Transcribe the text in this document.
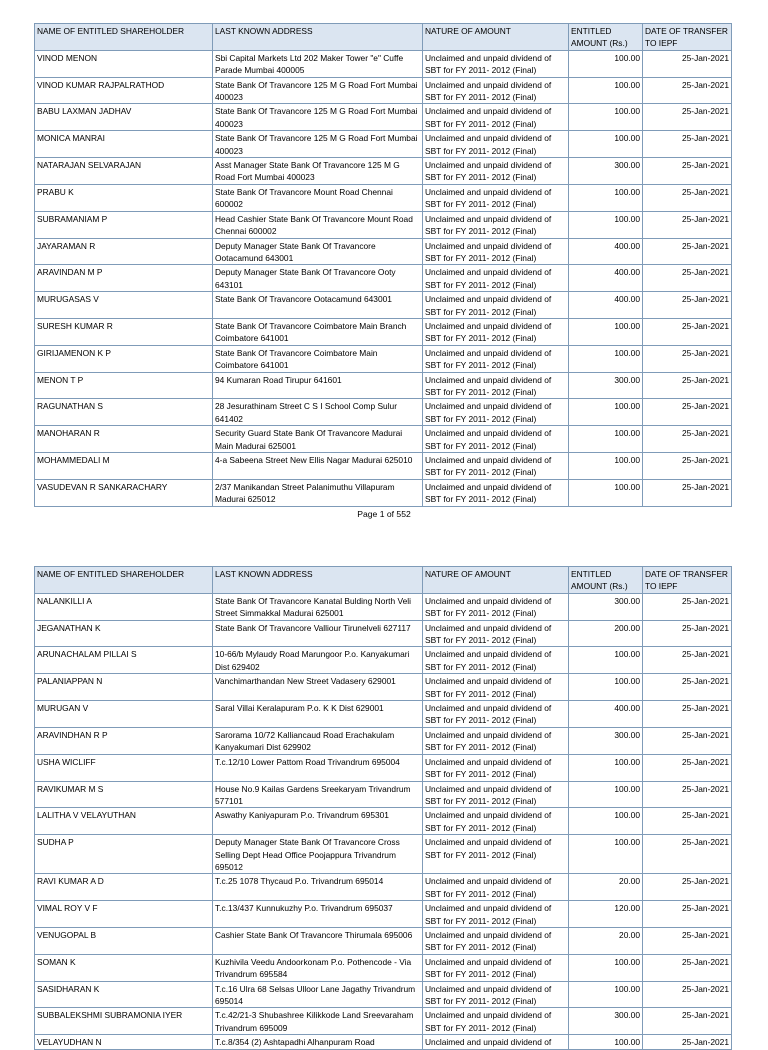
NAME OF ENTITLED SHAREHOLDER	LAST KNOWN ADDRESS	NATURE OF AMOUNT	ENTITLED AMOUNT (Rs.)	DATE OF TRANSFER TO IEPF
VINOD MENON	Sbi Capital Markets Ltd 202 Maker Tower "e" Cuffe Parade Mumbai 400005	Unclaimed and unpaid dividend of SBT for FY 2011- 2012 (Final)	100.00	25-Jan-2021
VINOD KUMAR RAJPALRATHOD	State Bank Of Travancore 125 M G Road Fort Mumbai 400023	Unclaimed and unpaid dividend of SBT for FY 2011- 2012 (Final)	100.00	25-Jan-2021
BABU LAXMAN JADHAV	State Bank Of Travancore 125 M G Road Fort Mumbai 400023	Unclaimed and unpaid dividend of SBT for FY 2011- 2012 (Final)	100.00	25-Jan-2021
MONICA MANRAI	State Bank Of Travancore 125 M G Road Fort Mumbai 400023	Unclaimed and unpaid dividend of SBT for FY 2011- 2012 (Final)	100.00	25-Jan-2021
NATARAJAN SELVARAJAN	Asst Manager State Bank Of Travancore 125 M G Road Fort Mumbai 400023	Unclaimed and unpaid dividend of SBT for FY 2011- 2012 (Final)	300.00	25-Jan-2021
PRABU K	State Bank Of Travancore Mount Road Chennai 600002	Unclaimed and unpaid dividend of SBT for FY 2011- 2012 (Final)	100.00	25-Jan-2021
SUBRAMANIAM P	Head Cashier State Bank Of Travancore Mount Road Chennai 600002	Unclaimed and unpaid dividend of SBT for FY 2011- 2012 (Final)	100.00	25-Jan-2021
JAYARAMAN R	Deputy Manager State Bank Of Travancore Ootacamund 643001	Unclaimed and unpaid dividend of SBT for FY 2011- 2012 (Final)	400.00	25-Jan-2021
ARAVINDAN M P	Deputy Manager State Bank Of Travancore Ooty 643101	Unclaimed and unpaid dividend of SBT for FY 2011- 2012 (Final)	400.00	25-Jan-2021
MURUGASAS V	State Bank Of Travancore Ootacamund 643001	Unclaimed and unpaid dividend of SBT for FY 2011- 2012 (Final)	400.00	25-Jan-2021
SURESH KUMAR R	State Bank Of Travancore Coimbatore Main Branch Coimbatore 641001	Unclaimed and unpaid dividend of SBT for FY 2011- 2012 (Final)	100.00	25-Jan-2021
GIRIJAMENON K P	State Bank Of Travancore Coimbatore Main Coimbatore 641001	Unclaimed and unpaid dividend of SBT for FY 2011- 2012 (Final)	100.00	25-Jan-2021
MENON T P	94 Kumaran Road Tirupur 641601	Unclaimed and unpaid dividend of SBT for FY 2011- 2012 (Final)	300.00	25-Jan-2021
RAGUNATHAN S	28 Jesurathinam Street C S I School Comp Sulur 641402	Unclaimed and unpaid dividend of SBT for FY 2011- 2012 (Final)	100.00	25-Jan-2021
MANOHARAN R	Security Guard State Bank Of Travancore Madurai Main Madurai 625001	Unclaimed and unpaid dividend of SBT for FY 2011- 2012 (Final)	100.00	25-Jan-2021
MOHAMMEDALI M	4-a Sabeena Street New Ellis Nagar Madurai 625010	Unclaimed and unpaid dividend of SBT for FY 2011- 2012 (Final)	100.00	25-Jan-2021
VASUDEVAN R SANKARACHARY	2/37 Manikandan Street Palanimuthu Villapuram Madurai 625012	Unclaimed and unpaid dividend of SBT for FY 2011- 2012 (Final)	100.00	25-Jan-2021
Page 1 of 552
NAME OF ENTITLED SHAREHOLDER	LAST KNOWN ADDRESS	NATURE OF AMOUNT	ENTITLED AMOUNT (Rs.)	DATE OF TRANSFER TO IEPF
NALANKILLI A	State Bank Of Travancore Kanatal Bulding North Veli Street Simmakkal Madurai 625001	Unclaimed and unpaid dividend of SBT for FY 2011- 2012 (Final)	300.00	25-Jan-2021
JEGANATHAN K	State Bank Of Travancore Valliour Tirunelveli 627117	Unclaimed and unpaid dividend of SBT for FY 2011- 2012 (Final)	200.00	25-Jan-2021
ARUNACHALAM PILLAI S	10-66/b Mylaudy Road Marungoor P.o. Kanyakumari Dist 629402	Unclaimed and unpaid dividend of SBT for FY 2011- 2012 (Final)	100.00	25-Jan-2021
PALANIAPPAN N	Vanchimarthandan New Street Vadasery 629001	Unclaimed and unpaid dividend of SBT for FY 2011- 2012 (Final)	100.00	25-Jan-2021
MURUGAN V	Saral Villai Keralapuram P.o. K K Dist 629001	Unclaimed and unpaid dividend of SBT for FY 2011- 2012 (Final)	400.00	25-Jan-2021
ARAVINDHAN R P	Sarorama 10/72 Kalliancaud Road Erachakulam Kanyakumari Dist 629902	Unclaimed and unpaid dividend of SBT for FY 2011- 2012 (Final)	300.00	25-Jan-2021
USHA WICLIFF	T.c.12/10 Lower Pattom Road Trivandrum 695004	Unclaimed and unpaid dividend of SBT for FY 2011- 2012 (Final)	100.00	25-Jan-2021
RAVIKUMAR M S	House No.9 Kailas Gardens Sreekaryam Trivandrum 577101	Unclaimed and unpaid dividend of SBT for FY 2011- 2012 (Final)	100.00	25-Jan-2021
LALITHA V VELAYUTHAN	Aswathy Kaniyapuram P.o. Trivandrum 695301	Unclaimed and unpaid dividend of SBT for FY 2011- 2012 (Final)	100.00	25-Jan-2021
SUDHA P	Deputy Manager State Bank Of Travancore Cross Selling Dept Head Office Poojappura Trivandrum 695012	Unclaimed and unpaid dividend of SBT for FY 2011- 2012 (Final)	100.00	25-Jan-2021
RAVI KUMAR A D	T.c.25 1078 Thycaud P.o. Trivandrum 695014	Unclaimed and unpaid dividend of SBT for FY 2011- 2012 (Final)	20.00	25-Jan-2021
VIMAL ROY V F	T.c.13/437 Kunnukuzhy P.o. Trivandrum 695037	Unclaimed and unpaid dividend of SBT for FY 2011- 2012 (Final)	120.00	25-Jan-2021
VENUGOPAL B	Cashier State Bank Of Travancore Thirumala 695006	Unclaimed and unpaid dividend of SBT for FY 2011- 2012 (Final)	20.00	25-Jan-2021
SOMAN K	Kuzhivila Veedu Andoorkonam P.o. Pothencode - Via Trivandrum 695584	Unclaimed and unpaid dividend of SBT for FY 2011- 2012 (Final)	100.00	25-Jan-2021
SASIDHARAN K	T.c.16 Ulra 68 Selsas Ulloor Lane Jagathy Trivandrum 695014	Unclaimed and unpaid dividend of SBT for FY 2011- 2012 (Final)	100.00	25-Jan-2021
SUBBALEKSHMI SUBRAMONIA IYER	T.c.42/21-3 Shubashree Kilikkode Land Sreevaraham Trivandrum 695009	Unclaimed and unpaid dividend of SBT for FY 2011- 2012 (Final)	300.00	25-Jan-2021
VELAYUDHAN N	T.c.8/354 (2) Ashtapadhi Alhanpuram Road	Unclaimed and unpaid dividend of	100.00	25-Jan-2021
